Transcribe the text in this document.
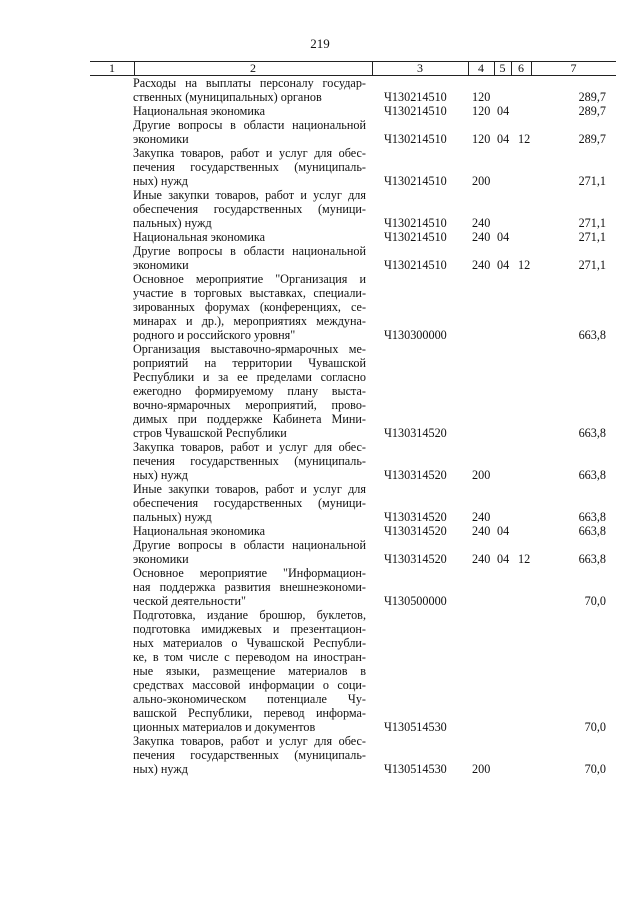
219
1	2	3	4	5	6	7
Расходы на выплаты персоналу государ-
ственных (муниципальных) органов	Ч130214510 120	289,7
Национальная экономика	Ч130214510 120 04	289,7
Другие вопросы в области национальной
экономики	Ч130214510 120 04 12	289,7
Закупка товаров, работ и услуг для обес-
печения государственных (муниципаль-
ных) нужд	Ч130214510 200	271,1
Иные закупки товаров, работ и услуг для
обеспечения государственных (муници-
пальных) нужд	Ч130214510 240	271,1
Национальная экономика	Ч130214510 240 04	271,1
Другие вопросы в области национальной
экономики	Ч130214510 240 04 12	271,1
Основное мероприятие "Организация и
участие в торговых выставках, специали-
зированных форумах (конференциях, се-
минарах и др.), мероприятиях междуна-
родного и российского уровня"	Ч130300000	663,8
Организация выставочно-ярмарочных ме-
роприятий на территории Чувашской
Республики и за ее пределами согласно
ежегодно формируемому плану выста-
вочно-ярмарочных мероприятий, прово-
димых при поддержке Кабинета Мини-
стров Чувашской Республики	Ч130314520	663,8
Закупка товаров, работ и услуг для обес-
печения государственных (муниципаль-
ных) нужд	Ч130314520 200	663,8
Иные закупки товаров, работ и услуг для
обеспечения государственных (муници-
пальных) нужд	Ч130314520 240	663,8
Национальная экономика	Ч130314520 240 04	663,8
Другие вопросы в области национальной
экономики	Ч130314520 240 04 12	663,8
Основное мероприятие "Информацион-
ная поддержка развития внешнеэкономи-
ческой деятельности"	Ч130500000	70,0
Подготовка, издание брошюр, буклетов,
подготовка имиджевых и презентацион-
ных материалов о Чувашской Республи-
ке, в том числе с переводом на иностран-
ные языки, размещение материалов в
средствах массовой информации о соци-
ально-экономическом потенциале Чу-
вашской Республики, перевод информа-
ционных материалов и документов	Ч130514530	70,0
Закупка товаров, работ и услуг для обес-
печения государственных (муниципаль-
ных) нужд	Ч130514530 200	70,0
